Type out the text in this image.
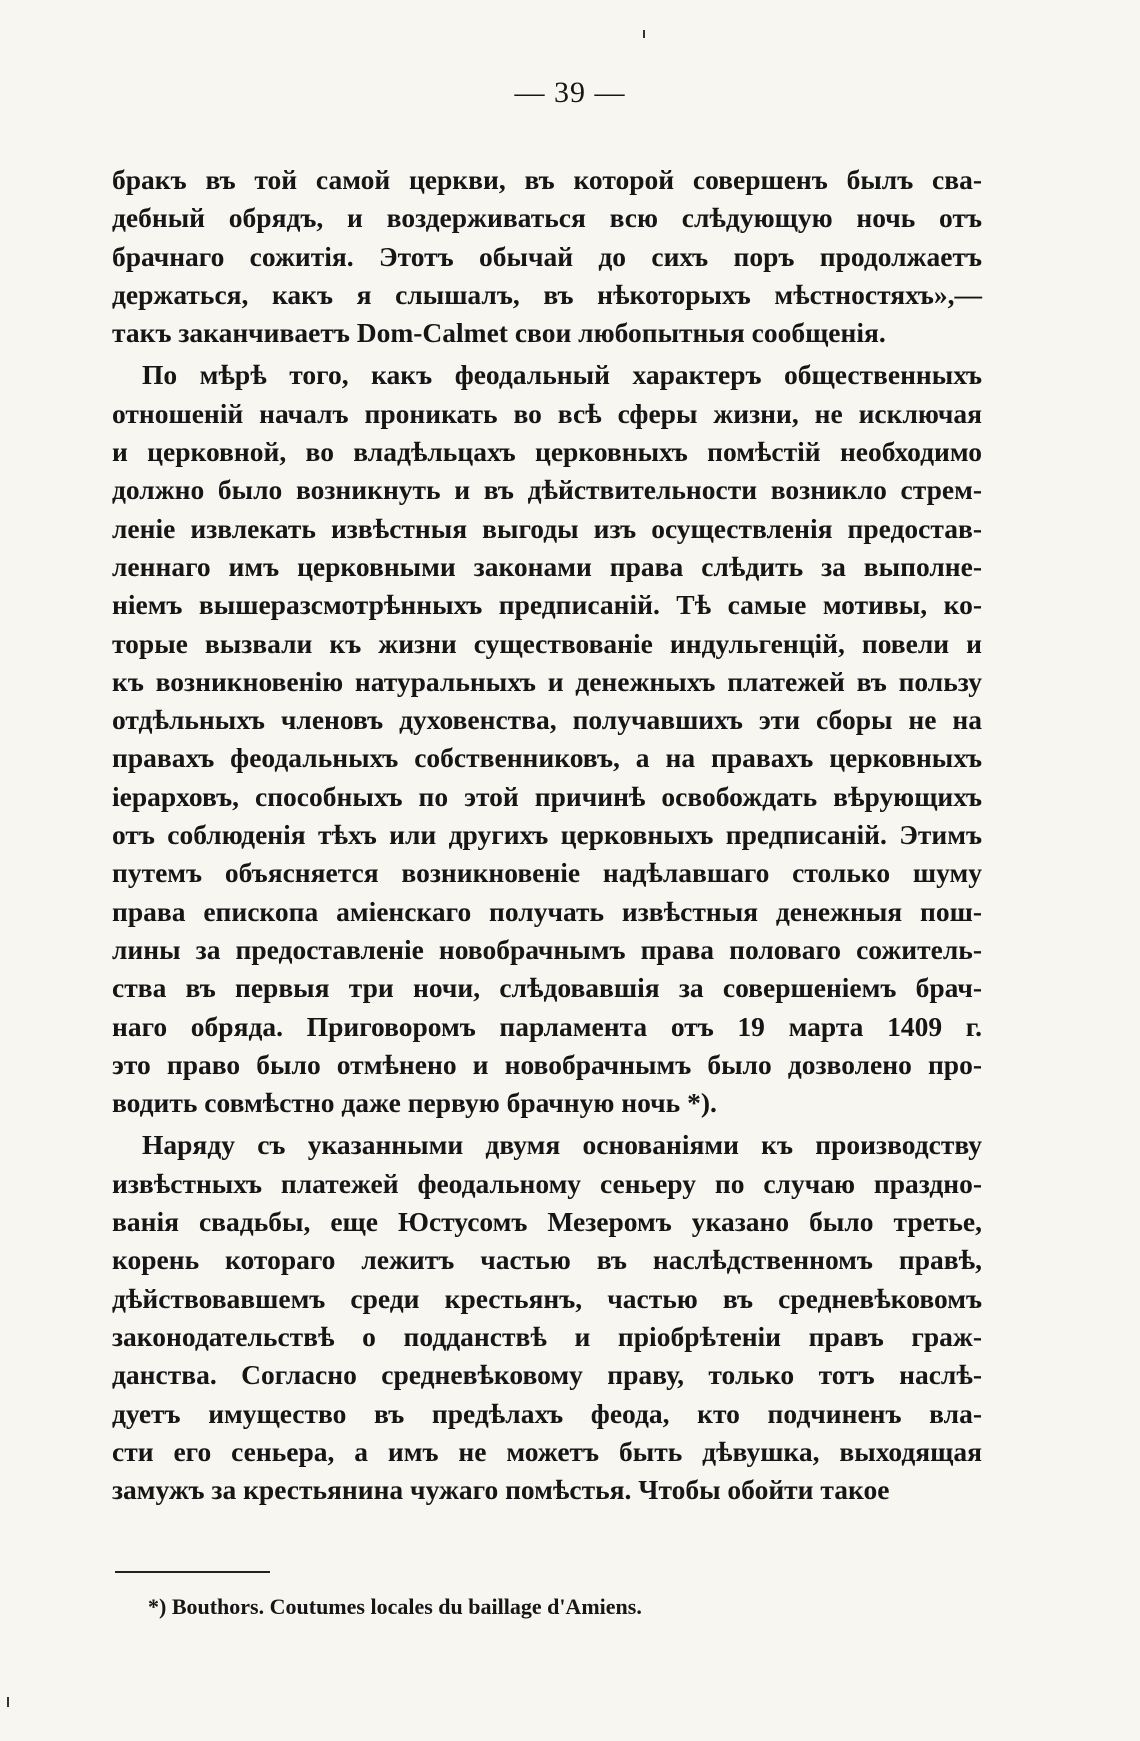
— 39 —
бракъ въ той самой церкви, въ которой совершенъ былъ сва-
дебный обрядъ, и воздерживаться всю слѣдующую ночь отъ
брачнаго сожитія. Этотъ обычай до сихъ поръ продолжаетъ
держаться, какъ я слышалъ, въ нѣкоторыхъ мѣстностяхъ»,—
такъ заканчиваетъ Dom-Calmet свои любопытныя сообщенія.
По мѣрѣ того, какъ феодальный характеръ общественныхъ
отношеній началъ проникать во всѣ сферы жизни, не исключая
и церковной, во владѣльцахъ церковныхъ помѣстій необходимо
должно было возникнуть и въ дѣйствительности возникло стрем-
леніе извлекать извѣстныя выгоды изъ осуществленія предостав-
леннаго имъ церковными законами права слѣдить за выполне-
ніемъ вышеразсмотрѣнныхъ предписаній. Тѣ самые мотивы, ко-
торые вызвали къ жизни существованіе индульгенцій, повели и
къ возникновенію натуральныхъ и денежныхъ платежей въ пользу
отдѣльныхъ членовъ духовенства, получавшихъ эти сборы не на
правахъ феодальныхъ собственниковъ, а на правахъ церковныхъ
іерарховъ, способныхъ по этой причинѣ освобождать вѣрующихъ
отъ соблюденія тѣхъ или другихъ церковныхъ предписаній. Этимъ
путемъ объясняется возникновеніе надѣлавшаго столько шуму
права епископа аміенскаго получать извѣстныя денежныя пош-
лины за предоставленіе новобрачнымъ права половаго сожитель-
ства въ первыя три ночи, слѣдовавшія за совершеніемъ брач-
наго обряда. Приговоромъ парламента отъ 19 марта 1409 г.
это право было отмѣнено и новобрачнымъ было дозволено про-
водить совмѣстно даже первую брачную ночь *).
Наряду съ указанными двумя основаніями къ производству
извѣстныхъ платежей феодальному сеньеру по случаю праздно-
ванія свадьбы, еще Юстусомъ Мезеромъ указано было третье,
корень котораго лежитъ частью въ наслѣдственномъ правѣ,
дѣйствовавшемъ среди крестьянъ, частью въ средневѣковомъ
законодательствѣ о подданствѣ и пріобрѣтеніи правъ граж-
данства. Согласно средневѣковому праву, только тотъ наслѣ-
дуетъ имущество въ предѣлахъ феода, кто подчиненъ вла-
сти его сеньера, а имъ не можетъ быть дѣвушка, выходящая
замужъ за крестьянина чужаго помѣстья. Чтобы обойти такое
*) Bouthors. Coutumes locales du baillage d'Amiens.
